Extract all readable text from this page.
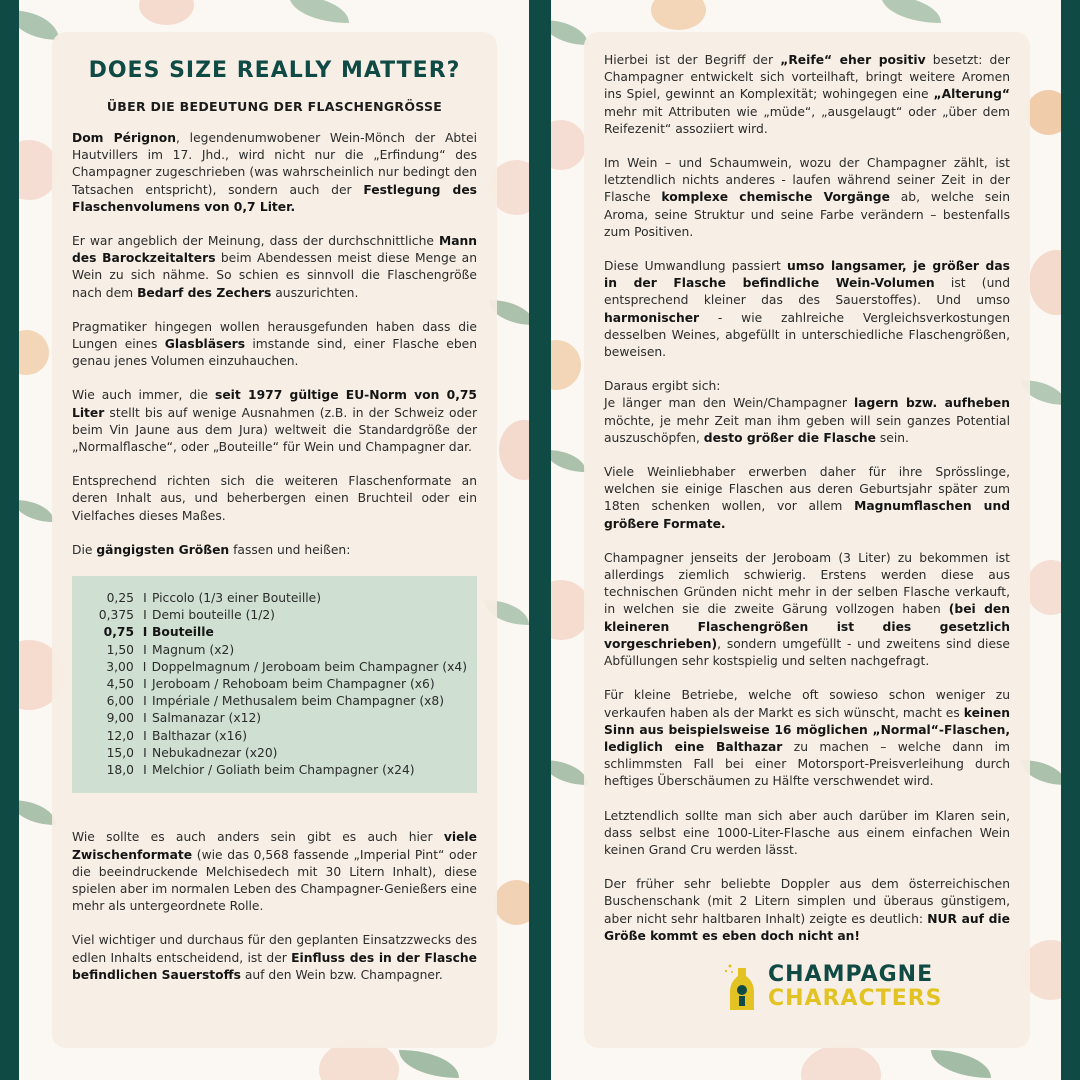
DOES SIZE REALLY MATTER?
ÜBER DIE BEDEUTUNG DER FLASCHENGRÖSSE

Dom Pérignon, legendenumwobener Wein-Mönch der Abtei Hautvillers im 17. Jhd., wird nicht nur die „Erfindung“ des Champagner zugeschrieben (was wahrscheinlich nur bedingt den Tatsachen entspricht), sondern auch der Festlegung des Flaschenvolumens von 0,7 Liter.

Er war angeblich der Meinung, dass der durchschnittliche Mann des Barockzeitalters beim Abendessen meist diese Menge an Wein zu sich nähme. So schien es sinnvoll die Flaschengröße nach dem Bedarf des Zechers auszurichten.

Pragmatiker hingegen wollen herausgefunden haben dass die Lungen eines Glasbläsers imstande sind, einer Flasche eben genau jenes Volumen einzuhauchen.

Wie auch immer, die seit 1977 gültige EU-Norm von 0,75 Liter stellt bis auf wenige Ausnahmen (z.B. in der Schweiz oder beim Vin Jaune aus dem Jura) weltweit die Standardgröße der „Normalflasche“, oder „Bouteille“ für Wein und Champagner dar.

Entsprechend richten sich die weiteren Flaschenformate an deren Inhalt aus, und beherbergen einen Bruchteil oder ein Vielfaches dieses Maßes.

Die gängigsten Größen fassen und heißen:

0,25 I Piccolo (1/3 einer Bouteille)
0,375 I Demi bouteille (1/2)
0,75 I Bouteille
1,50 I Magnum (x2)
3,00 I Doppelmagnum / Jeroboam beim Champagner (x4)
4,50 I Jeroboam / Rehoboam beim Champagner (x6)
6,00 I Impériale / Methusalem beim Champagner (x8)
9,00 I Salmanazar (x12)
12,0 I Balthazar (x16)
15,0 I Nebukadnezar (x20)
18,0 I Melchior / Goliath beim Champagner (x24)

Wie sollte es auch anders sein gibt es auch hier viele Zwischenformate (wie das 0,568 fassende „Imperial Pint“ oder die beeindruckende Melchisedech mit 30 Litern Inhalt), diese spielen aber im normalen Leben des Champagner-Genießers eine mehr als untergeordnete Rolle.

Viel wichtiger und durchaus für den geplanten Einsatzzwecks des edlen Inhalts entscheidend, ist der Einfluss des in der Flasche befindlichen Sauerstoffs auf den Wein bzw. Champagner.

Hierbei ist der Begriff der „Reife“ eher positiv besetzt: der Champagner entwickelt sich vorteilhaft, bringt weitere Aromen ins Spiel, gewinnt an Komplexität; wohingegen eine „Alterung“ mehr mit Attributen wie „müde“, „ausgelaugt“ oder „über dem Reifezenit“ assoziiert wird.

Im Wein – und Schaumwein, wozu der Champagner zählt, ist letztendlich nichts anderes - laufen während seiner Zeit in der Flasche komplexe chemische Vorgänge ab, welche sein Aroma, seine Struktur und seine Farbe verändern – bestenfalls zum Positiven.

Diese Umwandlung passiert umso langsamer, je größer das in der Flasche befindliche Wein-Volumen ist (und entsprechend kleiner das des Sauerstoffes). Und umso harmonischer - wie zahlreiche Vergleichsverkostungen desselben Weines, abgefüllt in unterschiedliche Flaschengrößen, beweisen.

Daraus ergibt sich:
Je länger man den Wein/Champagner lagern bzw. aufheben möchte, je mehr Zeit man ihm geben will sein ganzes Potential auszuschöpfen, desto größer die Flasche sein.

Viele Weinliebhaber erwerben daher für ihre Sprösslinge, welchen sie einige Flaschen aus deren Geburtsjahr später zum 18ten schenken wollen, vor allem Magnumflaschen und größere Formate.

Champagner jenseits der Jeroboam (3 Liter) zu bekommen ist allerdings ziemlich schwierig. Erstens werden diese aus technischen Gründen nicht mehr in der selben Flasche verkauft, in welchen sie die zweite Gärung vollzogen haben (bei den kleineren Flaschengrößen ist dies gesetzlich vorgeschrieben), sondern umgefüllt - und zweitens sind diese Abfüllungen sehr kostspielig und selten nachgefragt.

Für kleine Betriebe, welche oft sowieso schon weniger zu verkaufen haben als der Markt es sich wünscht, macht es keinen Sinn aus beispielsweise 16 möglichen „Normal“-Flaschen, lediglich eine Balthazar zu machen – welche dann im schlimmsten Fall bei einer Motorsport-Preisverleihung durch heftiges Überschäumen zu Hälfte verschwendet wird.

Letztendlich sollte man sich aber auch darüber im Klaren sein, dass selbst eine 1000-Liter-Flasche aus einem einfachen Wein keinen Grand Cru werden lässt.

Der früher sehr beliebte Doppler aus dem österreichischen Buschenschank (mit 2 Litern simplen und überaus günstigem, aber nicht sehr haltbaren Inhalt) zeigte es deutlich: NUR auf die Größe kommt es eben doch nicht an!

CHAMPAGNE
CHARACTERS
